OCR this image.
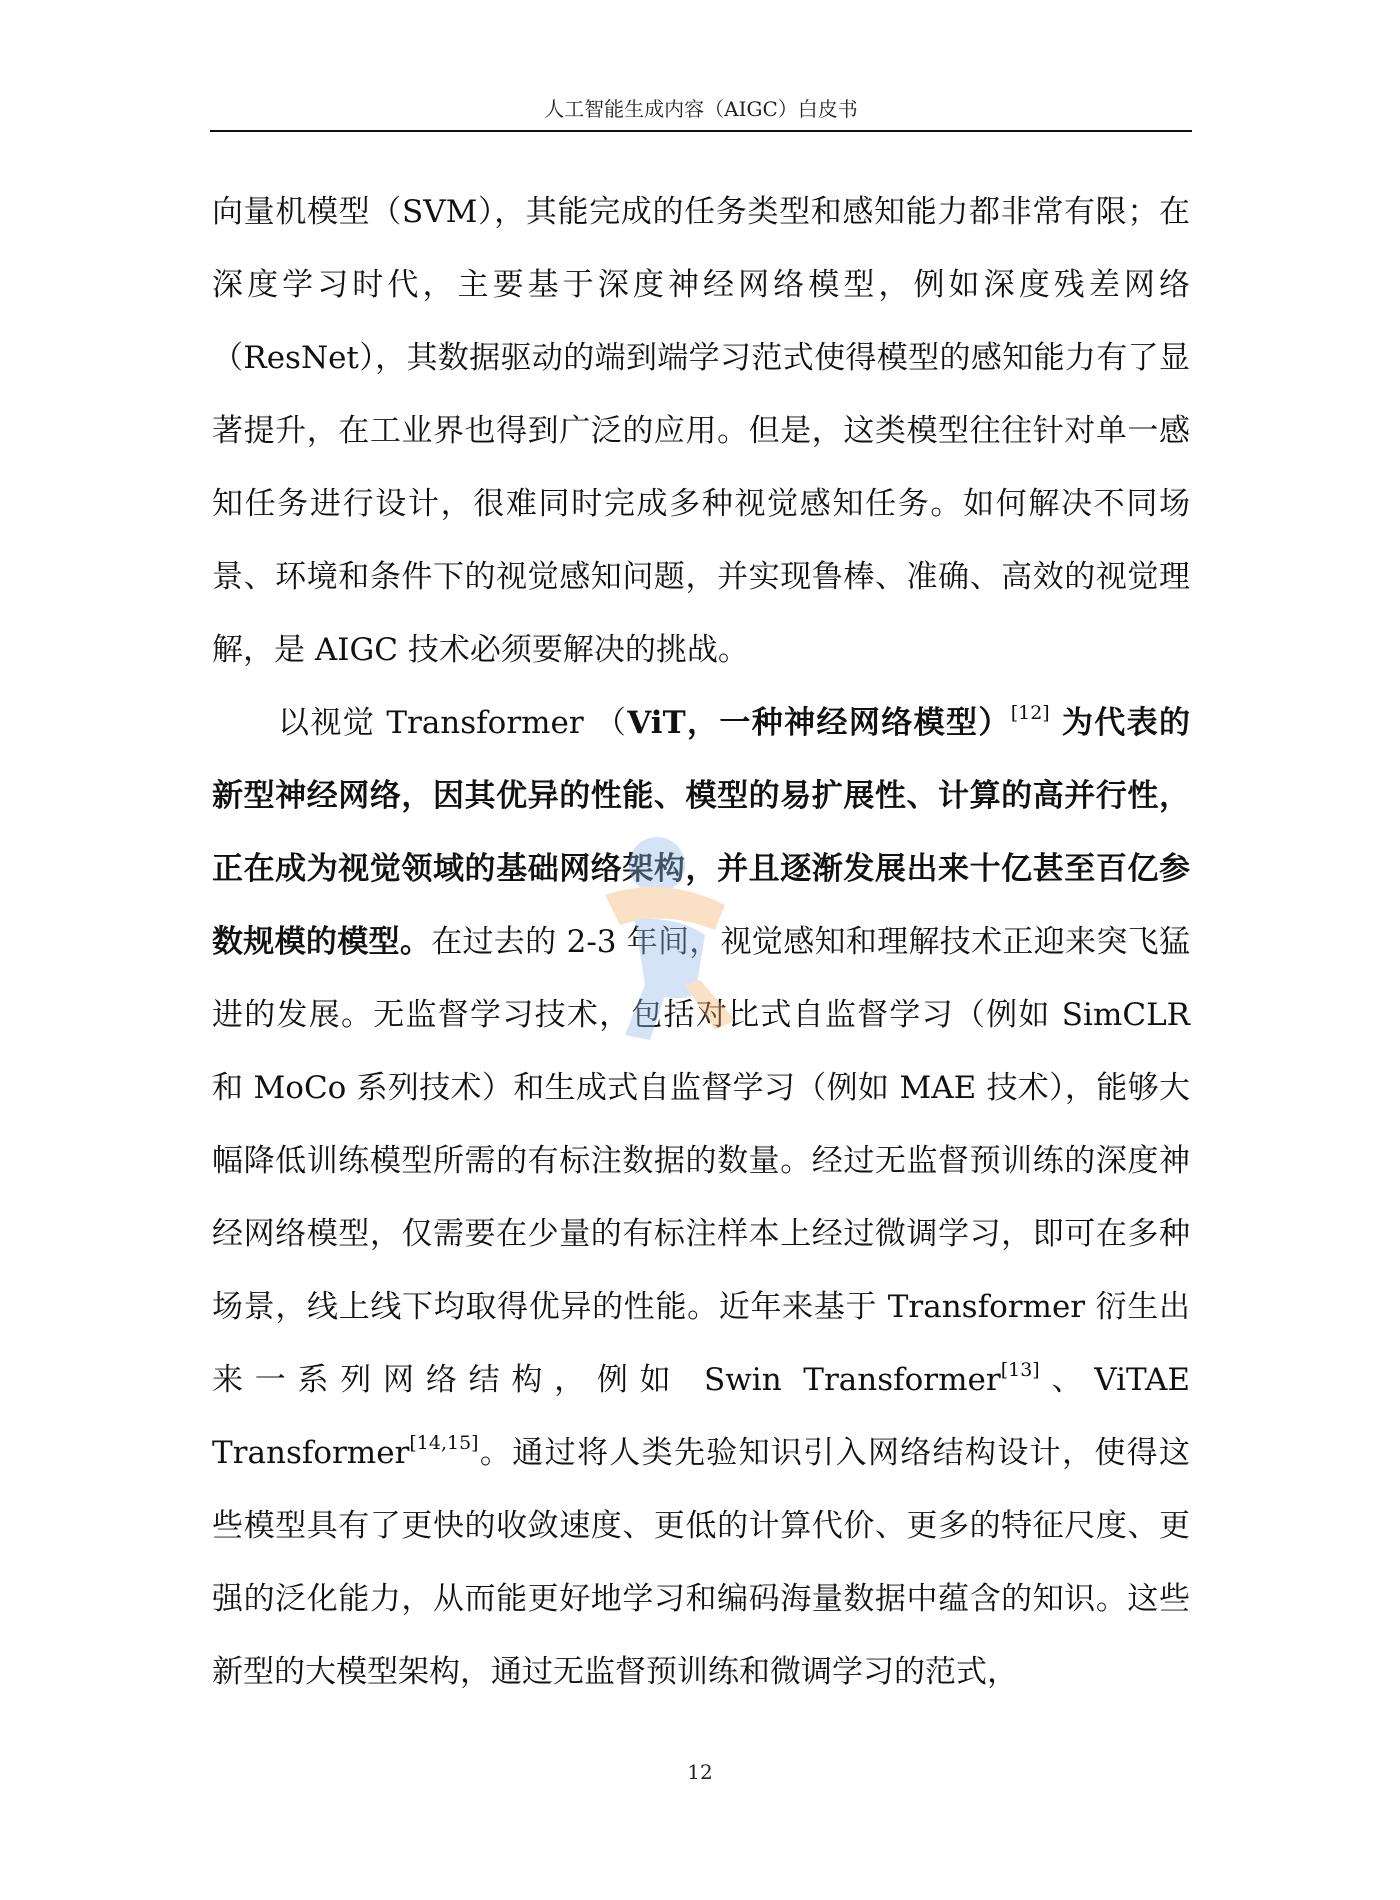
人工智能生成内容（AIGC）白皮书

向量机模型（SVM），其能完成的任务类型和感知能力都非常有限；在深度学习时代，主要基于深度神经网络模型，例如深度残差网络（ResNet），其数据驱动的端到端学习范式使得模型的感知能力有了显著提升，在工业界也得到广泛的应用。但是，这类模型往往针对单一感知任务进行设计，很难同时完成多种视觉感知任务。如何解决不同场景、环境和条件下的视觉感知问题，并实现鲁棒、准确、高效的视觉理解，是 AIGC 技术必须要解决的挑战。

以视觉 Transformer （ViT，一种神经网络模型）[12] 为代表的新型神经网络，因其优异的性能、模型的易扩展性、计算的高并行性，正在成为视觉领域的基础网络架构，并且逐渐发展出来十亿甚至百亿参数规模的模型。在过去的 2-3 年间，视觉感知和理解技术正迎来突飞猛进的发展。无监督学习技术，包括对比式自监督学习（例如 SimCLR 和 MoCo 系列技术）和生成式自监督学习（例如 MAE 技术），能够大幅降低训练模型所需的有标注数据的数量。经过无监督预训练的深度神经网络模型，仅需要在少量的有标注样本上经过微调学习，即可在多种场景，线上线下均取得优异的性能。近年来基于 Transformer 衍生出来一系列网络结构，例如 Swin Transformer[13]、ViTAE Transformer[14,15]。通过将人类先验知识引入网络结构设计，使得这些模型具有了更快的收敛速度、更低的计算代价、更多的特征尺度、更强的泛化能力，从而能更好地学习和编码海量数据中蕴含的知识。这些新型的大模型架构，通过无监督预训练和微调学习的范式，

12
